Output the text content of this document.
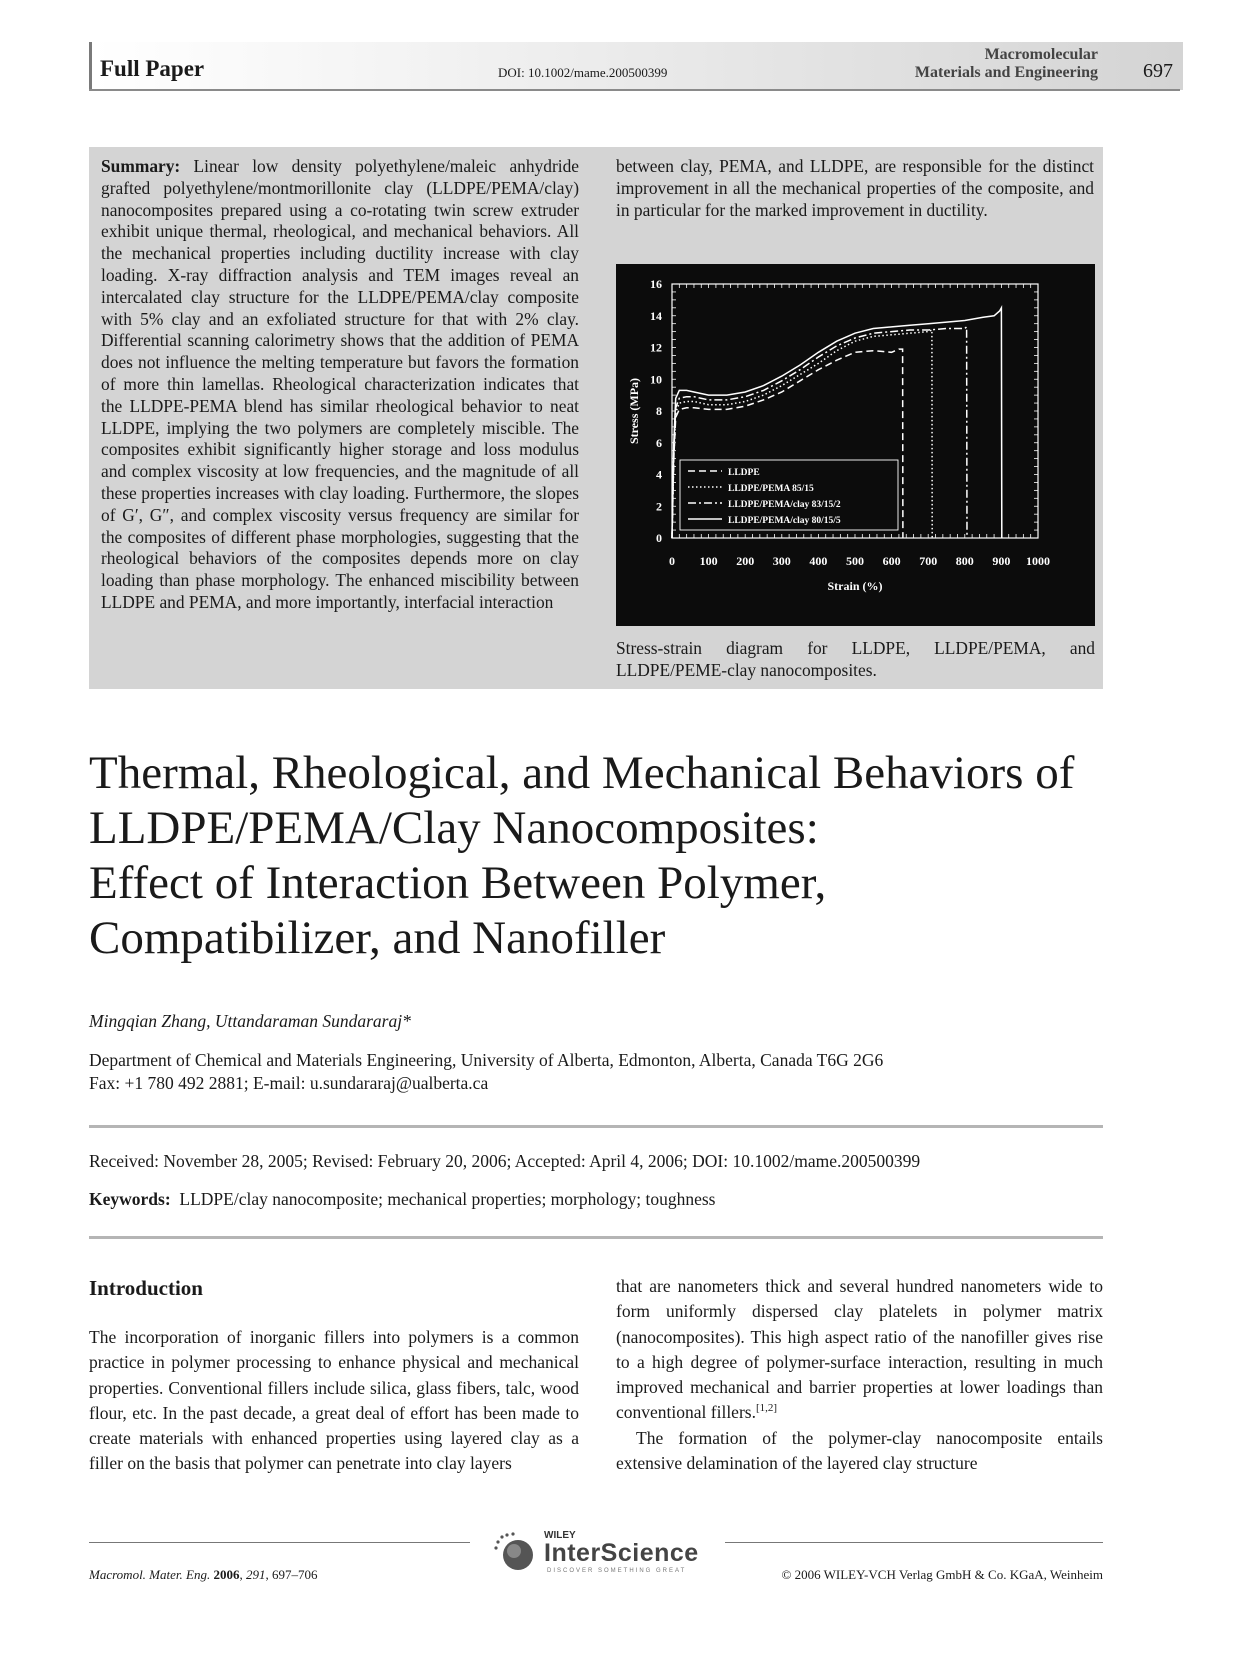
Full Paper	DOI: 10.1002/mame.200500399
Macromolecular
Materials and Engineering 697
Summary: Linear low density polyethylene/maleic anhydride grafted polyethylene/montmorillonite clay (LLDPE/PEMA/clay) nanocomposites prepared using a co-rotating twin screw extruder exhibit unique thermal, rheological, and mechanical behaviors. All the mechanical properties including ductility increase with clay loading. X-ray diffraction analysis and TEM images reveal an intercalated clay structure for the LLDPE/PEMA/clay composite with 5% clay and an exfoliated structure for that with 2% clay. Differential scanning calorimetry shows that the addition of PEMA does not influence the melting temperature but favors the formation of more thin lamellas. Rheological characterization indicates that the LLDPE-PEMA blend has similar rheological behavior to neat LLDPE, implying the two polymers are completely miscible. The composites exhibit significantly higher storage and loss modulus and complex viscosity at low frequencies, and the magnitude of all these properties increases with clay loading. Furthermore, the slopes of G′, G″, and complex viscosity versus frequency are similar for the composites of different phase morphologies, suggesting that the rheological behaviors of the composites depends more on clay loading than phase morphology. The enhanced miscibility between LLDPE and PEMA, and more importantly, interfacial interaction
between clay, PEMA, and LLDPE, are responsible for the distinct improvement in all the mechanical properties of the composite, and in particular for the marked improvement in ductility.
0 100 200 300 400 500 600 700 800 900 1000
0
2
4
6
8
10
12
14
16
Strain (%)
Stress (MPa)
LLDPE
LLDPE/PEMA 85/15
LLDPE/PEMA/clay 83/15/2
LLDPE/PEMA/clay 80/15/5
Stress-strain diagram for LLDPE, LLDPE/PEMA, and LLDPE/PEME-clay nanocomposites.
Thermal, Rheological, and Mechanical Behaviors of
LLDPE/PEMA/Clay Nanocomposites:
Effect of Interaction Between Polymer,
Compatibilizer, and Nanofiller
Mingqian Zhang, Uttandaraman Sundararaj*
Department of Chemical and Materials Engineering, University of Alberta, Edmonton, Alberta, Canada T6G 2G6
Fax: +1 780 492 2881; E-mail: u.sundararaj@ualberta.ca
Received: November 28, 2005; Revised: February 20, 2006; Accepted: April 4, 2006; DOI: 10.1002/mame.200500399
Keywords: LLDPE/clay nanocomposite; mechanical properties; morphology; toughness
Introduction
The incorporation of inorganic fillers into polymers is a common practice in polymer processing to enhance physical and mechanical properties. Conventional fillers include silica, glass fibers, talc, wood flour, etc. In the past decade, a great deal of effort has been made to create materials with enhanced properties using layered clay as a filler on the basis that polymer can penetrate into clay layers

that are nanometers thick and several hundred nanometers wide to form uniformly dispersed clay platelets in polymer matrix (nanocomposites). This high aspect ratio of the nanofiller gives rise to a high degree of polymer-surface interaction, resulting in much improved mechanical and barrier properties at lower loadings than conventional fillers.[1,2]

The formation of the polymer-clay nanocomposite entails extensive delamination of the layered clay structure

Macromol. Mater. Eng. 2006, 291, 697–706	© 2006 WILEY-VCH Verlag GmbH & Co. KGaA, Weinheim
WILEY
InterScience
DISCOVER SOMETHING GREAT
